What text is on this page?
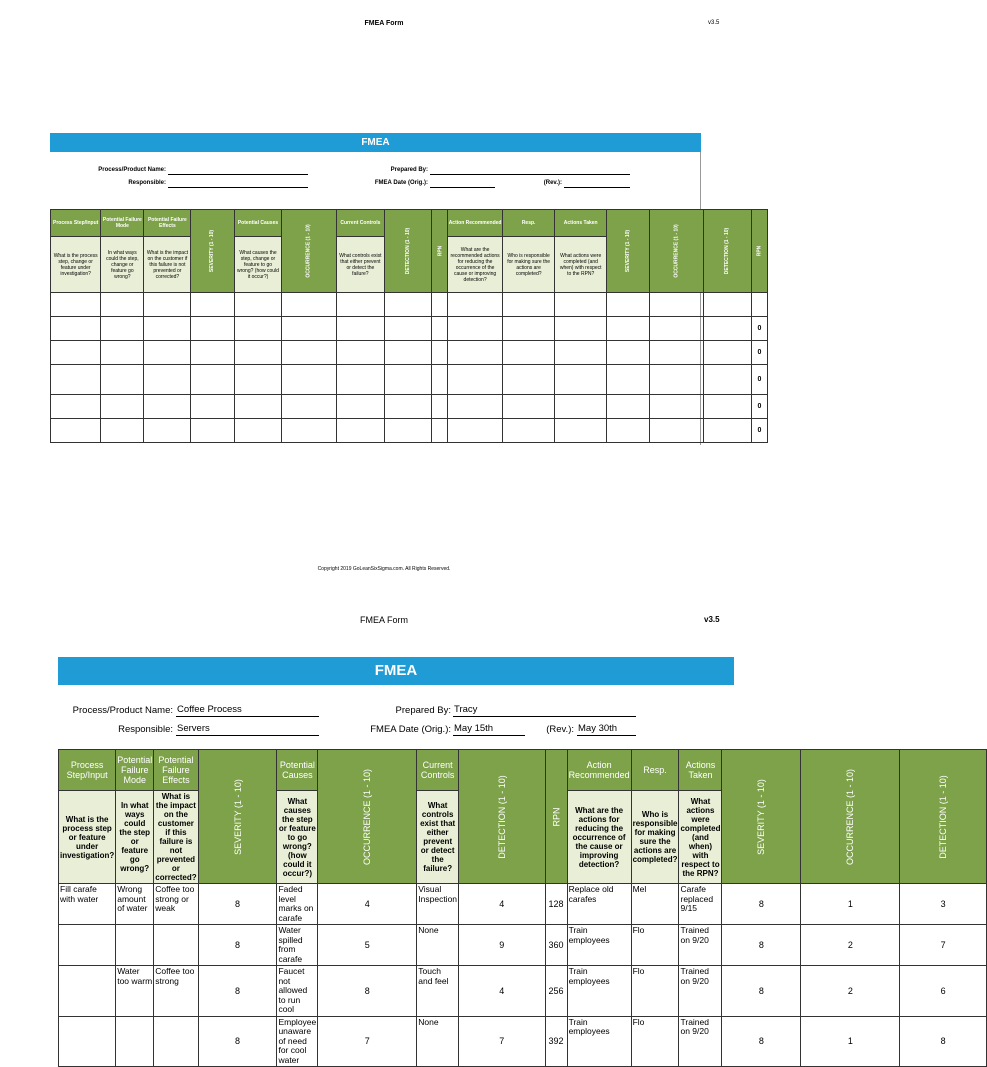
FMEA Form	v3.5
FMEA
Process/Product Name:
Responsible:
Prepared By:
FMEA Date (Orig.):	(Rev.):
Process Step/Input	Potential Failure Mode	Potential Failure Effects	SEVERITY (1 - 10)	Potential Causes	OCCURRENCE (1 - 10)	Current Controls	DETECTION (1 - 10)	RPN	Action Recommended	Resp.	Actions Taken	SEVERITY (1 - 10)	OCCURRENCE (1 - 10)	DETECTION (1 - 10)	RPN
What is the process step, change or feature under investigation?	In what ways could the step, change or feature go wrong?	What is the impact on the customer if this failure is not prevented or corrected?		What causes the step, change or feature to go wrong? (how could it occur?)		What controls exist that either prevent or detect the failure?			What are the recommended actions for reducing the occurrence of the cause or improving detection?	Who is responsible for making sure the actions are completed?	What actions were completed (and when) with respect to the RPN?				

															0
															0
															0
															0
															0
Copyright 2019 GoLeanSixSigma.com. All Rights Reserved.
FMEA Form	v3.5
FMEA
Process/Product Name: Coffee Process
Responsible: Servers
Prepared By: Tracy
FMEA Date (Orig.): May 15th	(Rev.): May 30th
Process Step/Input	Potential Failure Mode	Potential Failure Effects	SEVERITY (1 - 10)	Potential Causes	OCCURRENCE (1 - 10)	Current Controls	DETECTION (1 - 10)	RPN	Action Recommended	Resp.	Actions Taken	SEVERITY (1 - 10)	OCCURRENCE (1 - 10)	DETECTION (1 - 10)
What is the process step or feature under investigation?	In what ways could the step or feature go wrong?	What is the impact on the customer if this failure is not prevented or corrected?		What causes the step or feature to go wrong? (how could it occur?)		What controls exist that either prevent or detect the failure?			What are the actions for reducing the occurrence of the cause or improving detection?	Who is responsible for making sure the actions are completed?	What actions were completed (and when) with respect to the RPN?			
Fill carafe with water	Wrong amount of water	Coffee too strong or weak	8	Faded level marks on carafe	4	Visual Inspection	4	128	Replace old carafes	Mel	Carafe replaced 9/15	8	1	3
			8	Water spilled from carafe	5	None	9	360	Train employees	Flo	Trained on 9/20	8	2	7
	Water too warm	Coffee too strong	8	Faucet not allowed to run cool	8	Touch and feel	4	256	Train employees	Flo	Trained on 9/20	8	2	6
			8	Employee unaware of need for cool water	7	None	7	392	Train employees	Flo	Trained on 9/20	8	1	8
